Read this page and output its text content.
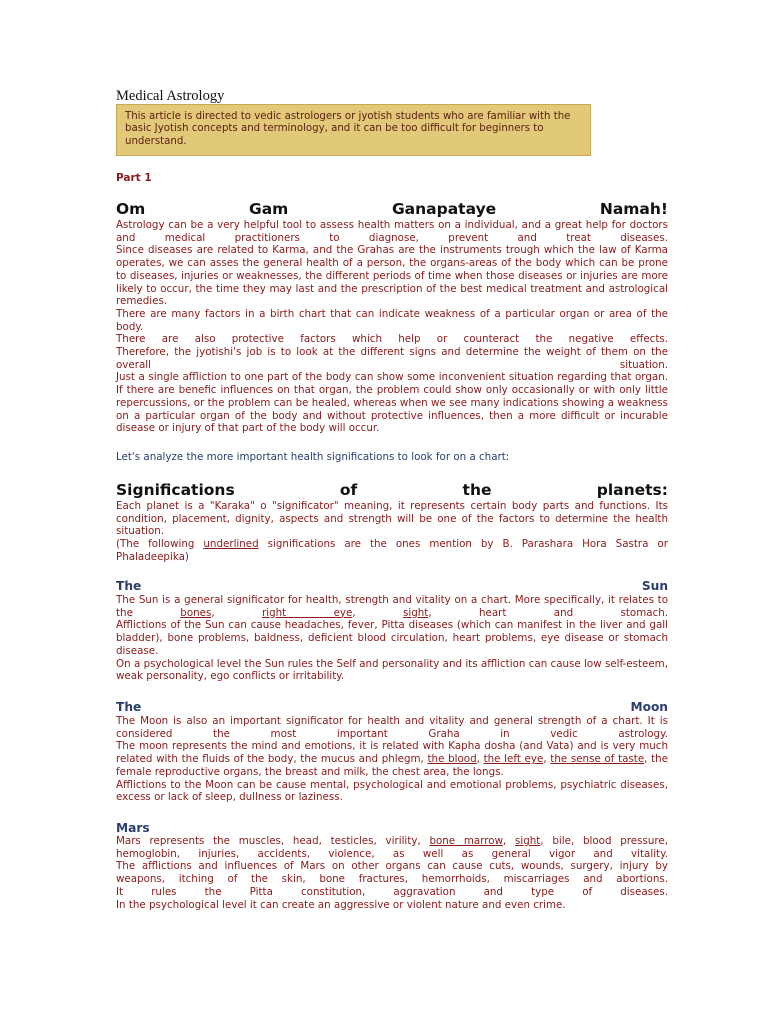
Medical Astrology
This article is directed to vedic astrologers or jyotish students who are familiar with the basic Jyotish concepts and terminology, and it can be too difficult for beginners to understand.

Part 1

Om	Gam	Ganapataye	Namah!

Astrology can be a very helpful tool to assess health matters on a individual, and a great help for doctors and medical practitioners to diagnose, prevent and treat diseases.

Since diseases are related to Karma, and the Grahas are the instruments trough which the law of Karma operates, we can asses the general health of a person, the organs-areas of the body which can be prone to diseases, injuries or weaknesses, the different periods of time when those diseases or injuries are more likely to occur, the time they may last and the prescription of the best medical treatment and astrological remedies.

There are many factors in a birth chart that can indicate weakness of a particular organ or area of the body.

There are also protective factors which help or counteract the negative effects.

Therefore, the jyotishi's job is to look at the different signs and determine the weight of them on the overall situation.

Just a single affliction to one part of the body can show some inconvenient situation regarding that organ. If there are benefic influences on that organ, the problem could show only occasionally or with only little repercussions, or the problem can be healed, whereas when we see many indications showing a weakness on a particular organ of the body and without protective influences, then a more difficult or incurable disease or injury of that part of the body will occur.

Let's analyze the more important health significations to look for on a chart:

Significations	of	the	planets:

Each planet is a "Karaka" o "significator" meaning, it represents certain body parts and functions. Its condition, placement, dignity, aspects and strength will be one of the factors to determine the health situation.

(The following underlined significations are the ones mention by B. Parashara Hora Sastra or Phaladeepika)

The	Sun

The Sun is a general significator for health, strength and vitality on a chart. More specifically, it relates to the bones, right eye, sight, heart and stomach.

Afflictions of the Sun can cause headaches, fever, Pitta diseases (which can manifest in the liver and gall bladder), bone problems, baldness, deficient blood circulation, heart problems, eye disease or stomach disease.

On a psychological level the Sun rules the Self and personality and its affliction can cause low self-esteem, weak personality, ego conflicts or irritability.

The	Moon

The Moon is also an important significator for health and vitality and general strength of a chart. It is considered the most important Graha in vedic astrology.

The moon represents the mind and emotions, it is related with Kapha dosha (and Vata) and is very much related with the fluids of the body, the mucus and phlegm, the blood, the left eye, the sense of taste, the female reproductive organs, the breast and milk, the chest area, the longs.

Afflictions to the Moon can be cause mental, psychological and emotional problems, psychiatric diseases, excess or lack of sleep, dullness or laziness.

Mars

Mars represents the muscles, head, testicles, virility, bone marrow, sight, bile, blood pressure, hemoglobin, injuries, accidents, violence, as well as general vigor and vitality.

The afflictions and influences of Mars on other organs can cause cuts, wounds, surgery, injury by weapons, itching of the skin, bone fractures, hemorrhoids, miscarriages and abortions.

It rules the Pitta constitution, aggravation and type of diseases.

In the psychological level it can create an aggressive or violent nature and even crime.
